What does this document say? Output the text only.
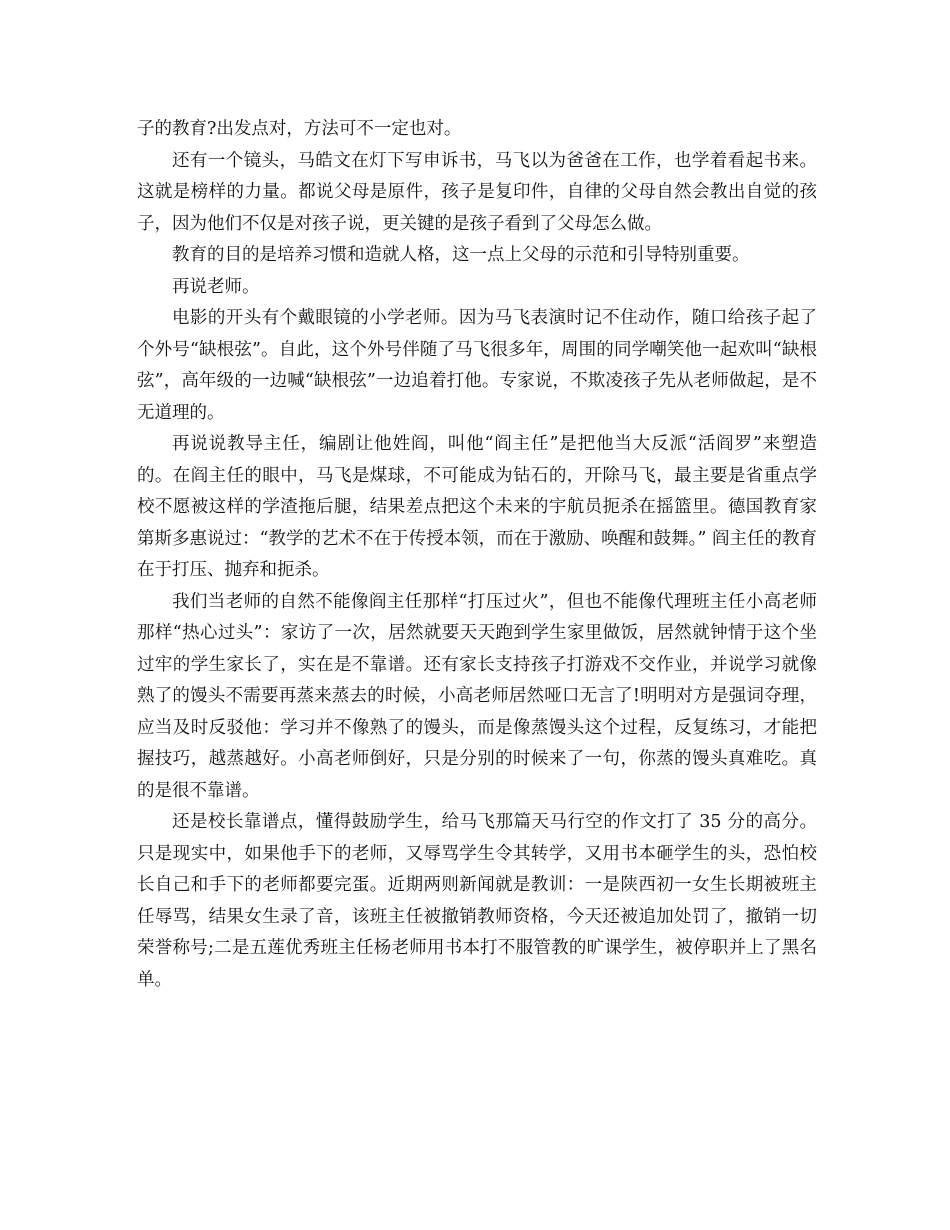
子的教育?出发点对，方法可不一定也对。

还有一个镜头，马皓文在灯下写申诉书，马飞以为爸爸在工作，也学着看起书来。这就是榜样的力量。都说父母是原件，孩子是复印件，自律的父母自然会教出自觉的孩子，因为他们不仅是对孩子说，更关键的是孩子看到了父母怎么做。

教育的目的是培养习惯和造就人格，这一点上父母的示范和引导特别重要。

再说老师。

电影的开头有个戴眼镜的小学老师。因为马飞表演时记不住动作，随口给孩子起了个外号“缺根弦”。自此，这个外号伴随了马飞很多年，周围的同学嘲笑他一起欢叫“缺根弦”，高年级的一边喊“缺根弦”一边追着打他。专家说，不欺凌孩子先从老师做起，是不无道理的。

再说说教导主任，编剧让他姓阎，叫他“阎主任”是把他当大反派“活阎罗”来塑造的。在阎主任的眼中，马飞是煤球，不可能成为钻石的，开除马飞，最主要是省重点学校不愿被这样的学渣拖后腿，结果差点把这个未来的宇航员扼杀在摇篮里。德国教育家第斯多惠说过：“教学的艺术不在于传授本领，而在于激励、唤醒和鼓舞。” 阎主任的教育在于打压、抛弃和扼杀。

我们当老师的自然不能像阎主任那样“打压过火”，但也不能像代理班主任小高老师那样“热心过头”：家访了一次，居然就要天天跑到学生家里做饭，居然就钟情于这个坐过牢的学生家长了，实在是不靠谱。还有家长支持孩子打游戏不交作业，并说学习就像熟了的馒头不需要再蒸来蒸去的时候，小高老师居然哑口无言了!明明对方是强词夺理，应当及时反驳他：学习并不像熟了的馒头，而是像蒸馒头这个过程，反复练习，才能把握技巧，越蒸越好。小高老师倒好，只是分别的时候来了一句，你蒸的馒头真难吃。真的是很不靠谱。

还是校长靠谱点，懂得鼓励学生，给马飞那篇天马行空的作文打了 35 分的高分。只是现实中，如果他手下的老师，又辱骂学生令其转学，又用书本砸学生的头，恐怕校长自己和手下的老师都要完蛋。近期两则新闻就是教训：一是陕西初一女生长期被班主任辱骂，结果女生录了音，该班主任被撤销教师资格，今天还被追加处罚了，撤销一切荣誉称号;二是五莲优秀班主任杨老师用书本打不服管教的旷课学生，被停职并上了黑名单。
